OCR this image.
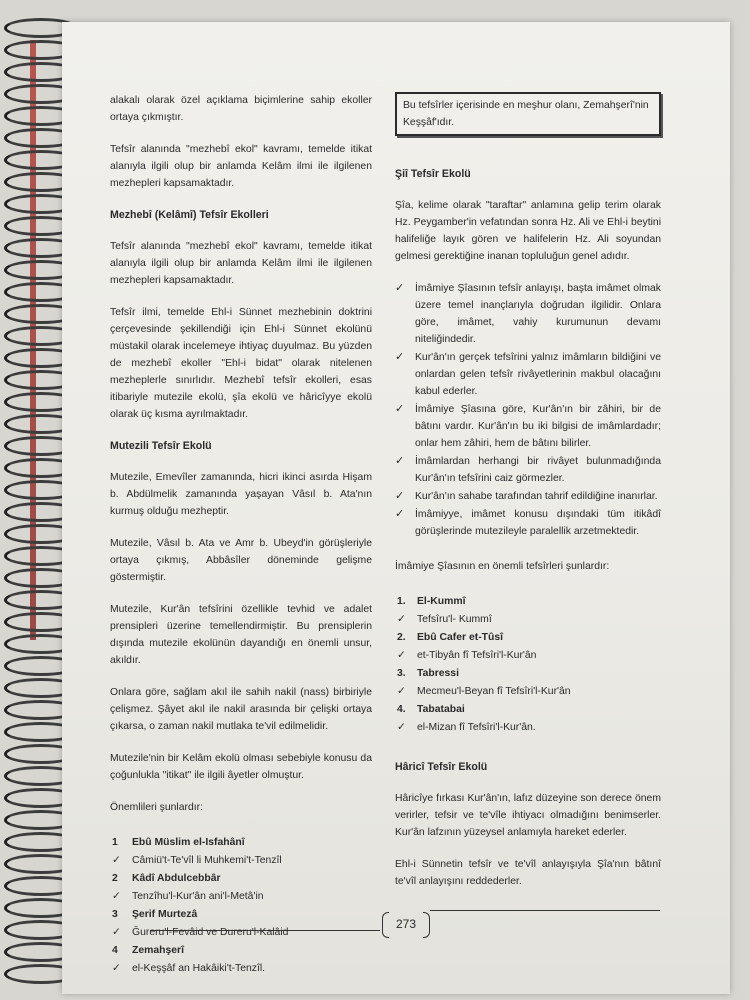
alakalı olarak özel açıklama biçimlerine sahip ekoller ortaya çıkmıştır.

Tefsîr alanında "mezhebî ekol" kavramı, temelde itikat alanıyla ilgili olup bir anlamda Kelâm ilmi ile ilgilenen mezhepleri kapsamaktadır.

Mezhebî (Kelâmî) Tefsîr Ekolleri

Tefsîr alanında "mezhebî ekol" kavramı, temelde itikat alanıyla ilgili olup bir anlamda Kelâm ilmi ile ilgilenen mezhepleri kapsamaktadır.

Tefsîr ilmi, temelde Ehl-i Sünnet mezhebinin doktrini çerçevesinde şekillendiği için Ehl-i Sünnet ekolünü müstakil olarak incelemeye ihtiyaç duyulmaz. Bu yüzden de mezhebî ekoller "Ehl-i bidat" olarak nitelenen mezheplerle sınırlıdır. Mezhebî tefsîr ekolleri, esas itibariyle mutezile ekolü, şîa ekolü ve hâricîyye ekolü olarak üç kısma ayrılmaktadır.

Mutezili Tefsîr Ekolü

Mutezile, Emevîler zamanında, hicri ikinci asırda Hişam b. Abdülmelik zamanında yaşayan Vâsıl b. Ata'nın kurmuş olduğu mezheptir.

Mutezile, Vâsıl b. Ata ve Amr b. Ubeyd'in görüşleriyle ortaya çıkmış, Abbâsîler döneminde gelişme göstermiştir.

Mutezile, Kur'ân tefsîrini özellikle tevhid ve adalet prensipleri üzerine temellendirmiştir. Bu prensiplerin dışında mutezile ekolünün dayandığı en önemli unsur, akıldır.

Onlara göre, sağlam akıl ile sahih nakil (nass) birbiriyle çelişmez. Şâyet akıl ile nakil arasında bir çelişki ortaya çıkarsa, o zaman nakil mutlaka te'vil edilmelidir.

Mutezile'nin bir Kelâm ekolü olması sebebiyle konusu da çoğunlukla "itikat" ile ilgili âyetler olmuştur.

Önemlileri şunlardır:

1 Ebû Müslim el-Isfahânî
✓ Câmiü't-Te'vîl li Muhkemi't-Tenzîl
2 Kâdî Abdulcebbâr
✓ Tenzîhu'l-Kur'ân ani'l-Metâ'in
3 Şerif Murtezâ
✓ Ğureru'l-Fevâid ve Dureru'l-Kalâid
4 Zemahşerî
✓ el-Keşşâf an Hakâiki't-Tenzîl.
Bu tefsîrler içerisinde en meşhur olanı, Zemahşerî'nin Keşşâf'ıdır.
Şiî Tefsîr Ekolü

Şîa, kelime olarak "taraftar" anlamına gelip terim olarak Hz. Peygamber'in vefatından sonra Hz. Ali ve Ehl-i beytini halifeliğe layık gören ve halifelerin Hz. Ali soyundan gelmesi gerektiğine inanan topluluğun genel adıdır.

✓ İmâmiye Şîasının tefsîr anlayışı, başta imâmet olmak üzere temel inançlarıyla doğrudan ilgilidir. Onlara göre, imâmet, vahiy kurumunun devamı niteliğindedir.
✓ Kur'ân'ın gerçek tefsîrini yalnız imâmların bildiğini ve onlardan gelen tefsîr rivâyetlerinin makbul olacağını kabul ederler.
✓ İmâmiye Şîasına göre, Kur'ân'ın bir zâhiri, bir de bâtını vardır. Kur'ân'ın bu iki bilgisi de imâmlardadır; onlar hem zâhiri, hem de bâtını bilirler.
✓ İmâmlardan herhangi bir rivâyet bulunmadığında Kur'ân'ın tefsîrini caiz görmezler.
✓ Kur'ân'ın sahabe tarafından tahrif edildiğine inanırlar.
✓ İmâmiyye, imâmet konusu dışındaki tüm itikâdî görüşlerinde mutezileyle paralellik arzetmektedir.

İmâmiye Şîasının en önemli tefsîrleri şunlardır:

1. El-Kummî
✓ Tefsîru'l- Kummî
2. Ebû Cafer et-Tûsî
✓ et-Tibyân fî Tefsîri'l-Kur'ân
3. Tabressi
✓ Mecmeu'l-Beyan fî Tefsîri'l-Kur'ân
4. Tabatabai
✓ el-Mizan fî Tefsîri'l-Kur'ân.
Hâricî Tefsîr Ekolü

Hâricîye fırkası Kur'ân'ın, lafız düzeyine son derece önem verirler, tefsir ve te'vîle ihtiyacı olmadığını benimserler. Kur'ân lafzının yüzeysel anlamıyla hareket ederler.

Ehl-i Sünnetin tefsîr ve te'vîl anlayışıyla Şîa'nın bâtınî te'vîl anlayışını reddederler.

273
